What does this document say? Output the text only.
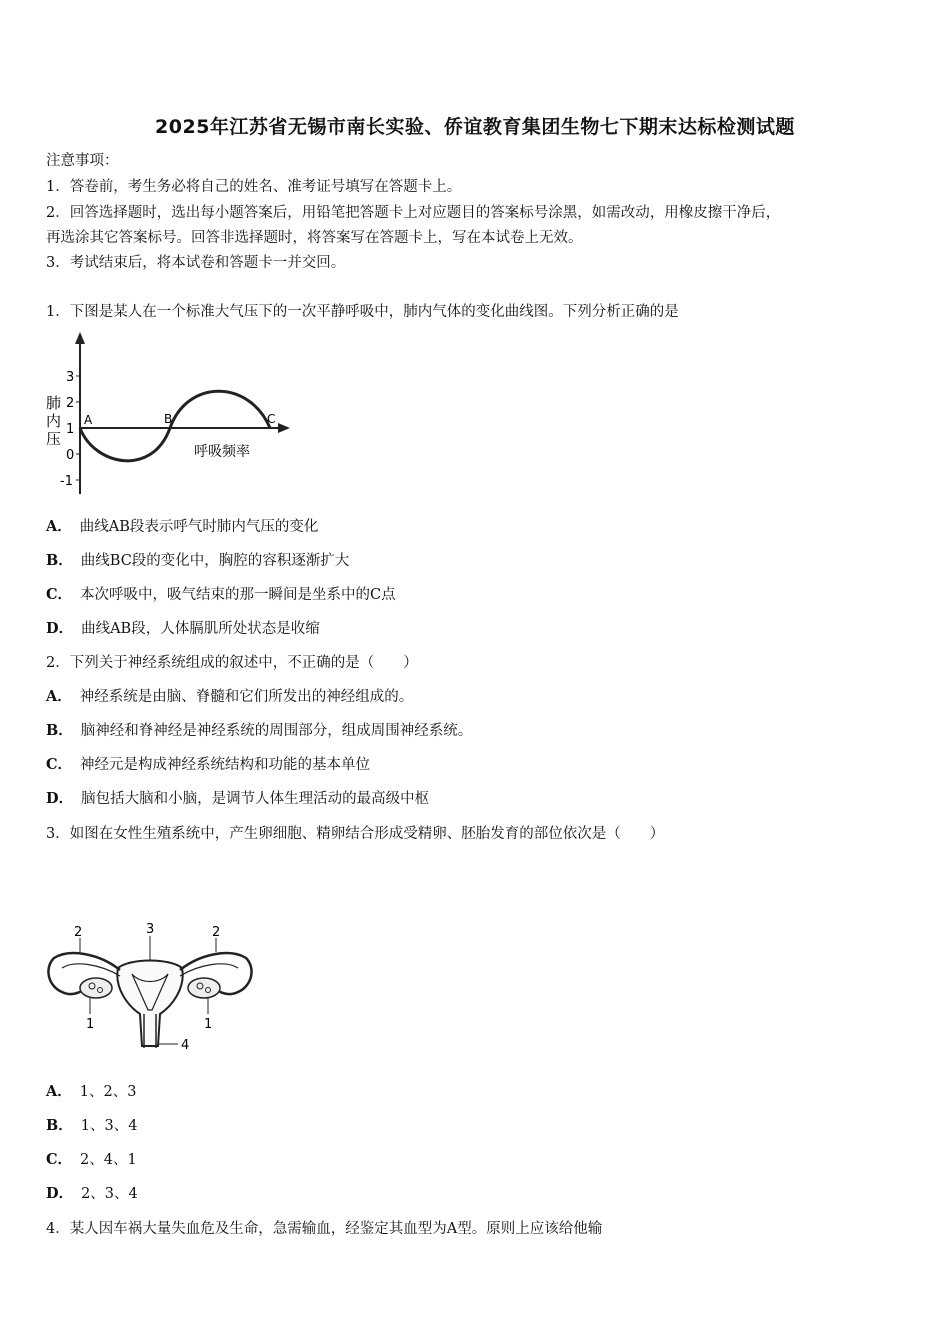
2025年江苏省无锡市南长实验、侨谊教育集团生物七下期末达标检测试题
注意事项：
1．答卷前，考生务必将自己的姓名、准考证号填写在答题卡上。
2．回答选择题时，选出每小题答案后，用铅笔把答题卡上对应题目的答案标号涂黑，如需改动，用橡皮擦干净后，
再选涂其它答案标号。回答非选择题时，将答案写在答题卡上，写在本试卷上无效。
3．考试结束后，将本试卷和答题卡一并交回。
1．下图是某人在一个标准大气压下的一次平静呼吸中，肺内气体的变化曲线图。下列分析正确的是
3
2
1
0
-1
肺
内
压
A	B	C
呼吸频率
A． 曲线AB段表示呼气时肺内气压的变化
B． 曲线BC段的变化中，胸腔的容积逐渐扩大
C． 本次呼吸中，吸气结束的那一瞬间是坐系中的C点
D． 曲线AB段，人体膈肌所处状态是收缩
2．下列关于神经系统组成的叙述中，不正确的是（　　）
A． 神经系统是由脑、脊髓和它们所发出的神经组成的。
B． 脑神经和脊神经是神经系统的周围部分，组成周围神经系统。
C． 神经元是构成神经系统结构和功能的基本单位
D． 脑包括大脑和小脑，是调节人体生理活动的最高级中枢
3．如图在女性生殖系统中，产生卵细胞、精卵结合形成受精卵、胚胎发育的部位依次是（　　）
2	3	2
1	1
4
A． 1、2、3
B． 1、3、4
C． 2、4、1
D． 2、3、4
4．某人因车祸大量失血危及生命，急需输血，经鉴定其血型为A型。原则上应该给他输
